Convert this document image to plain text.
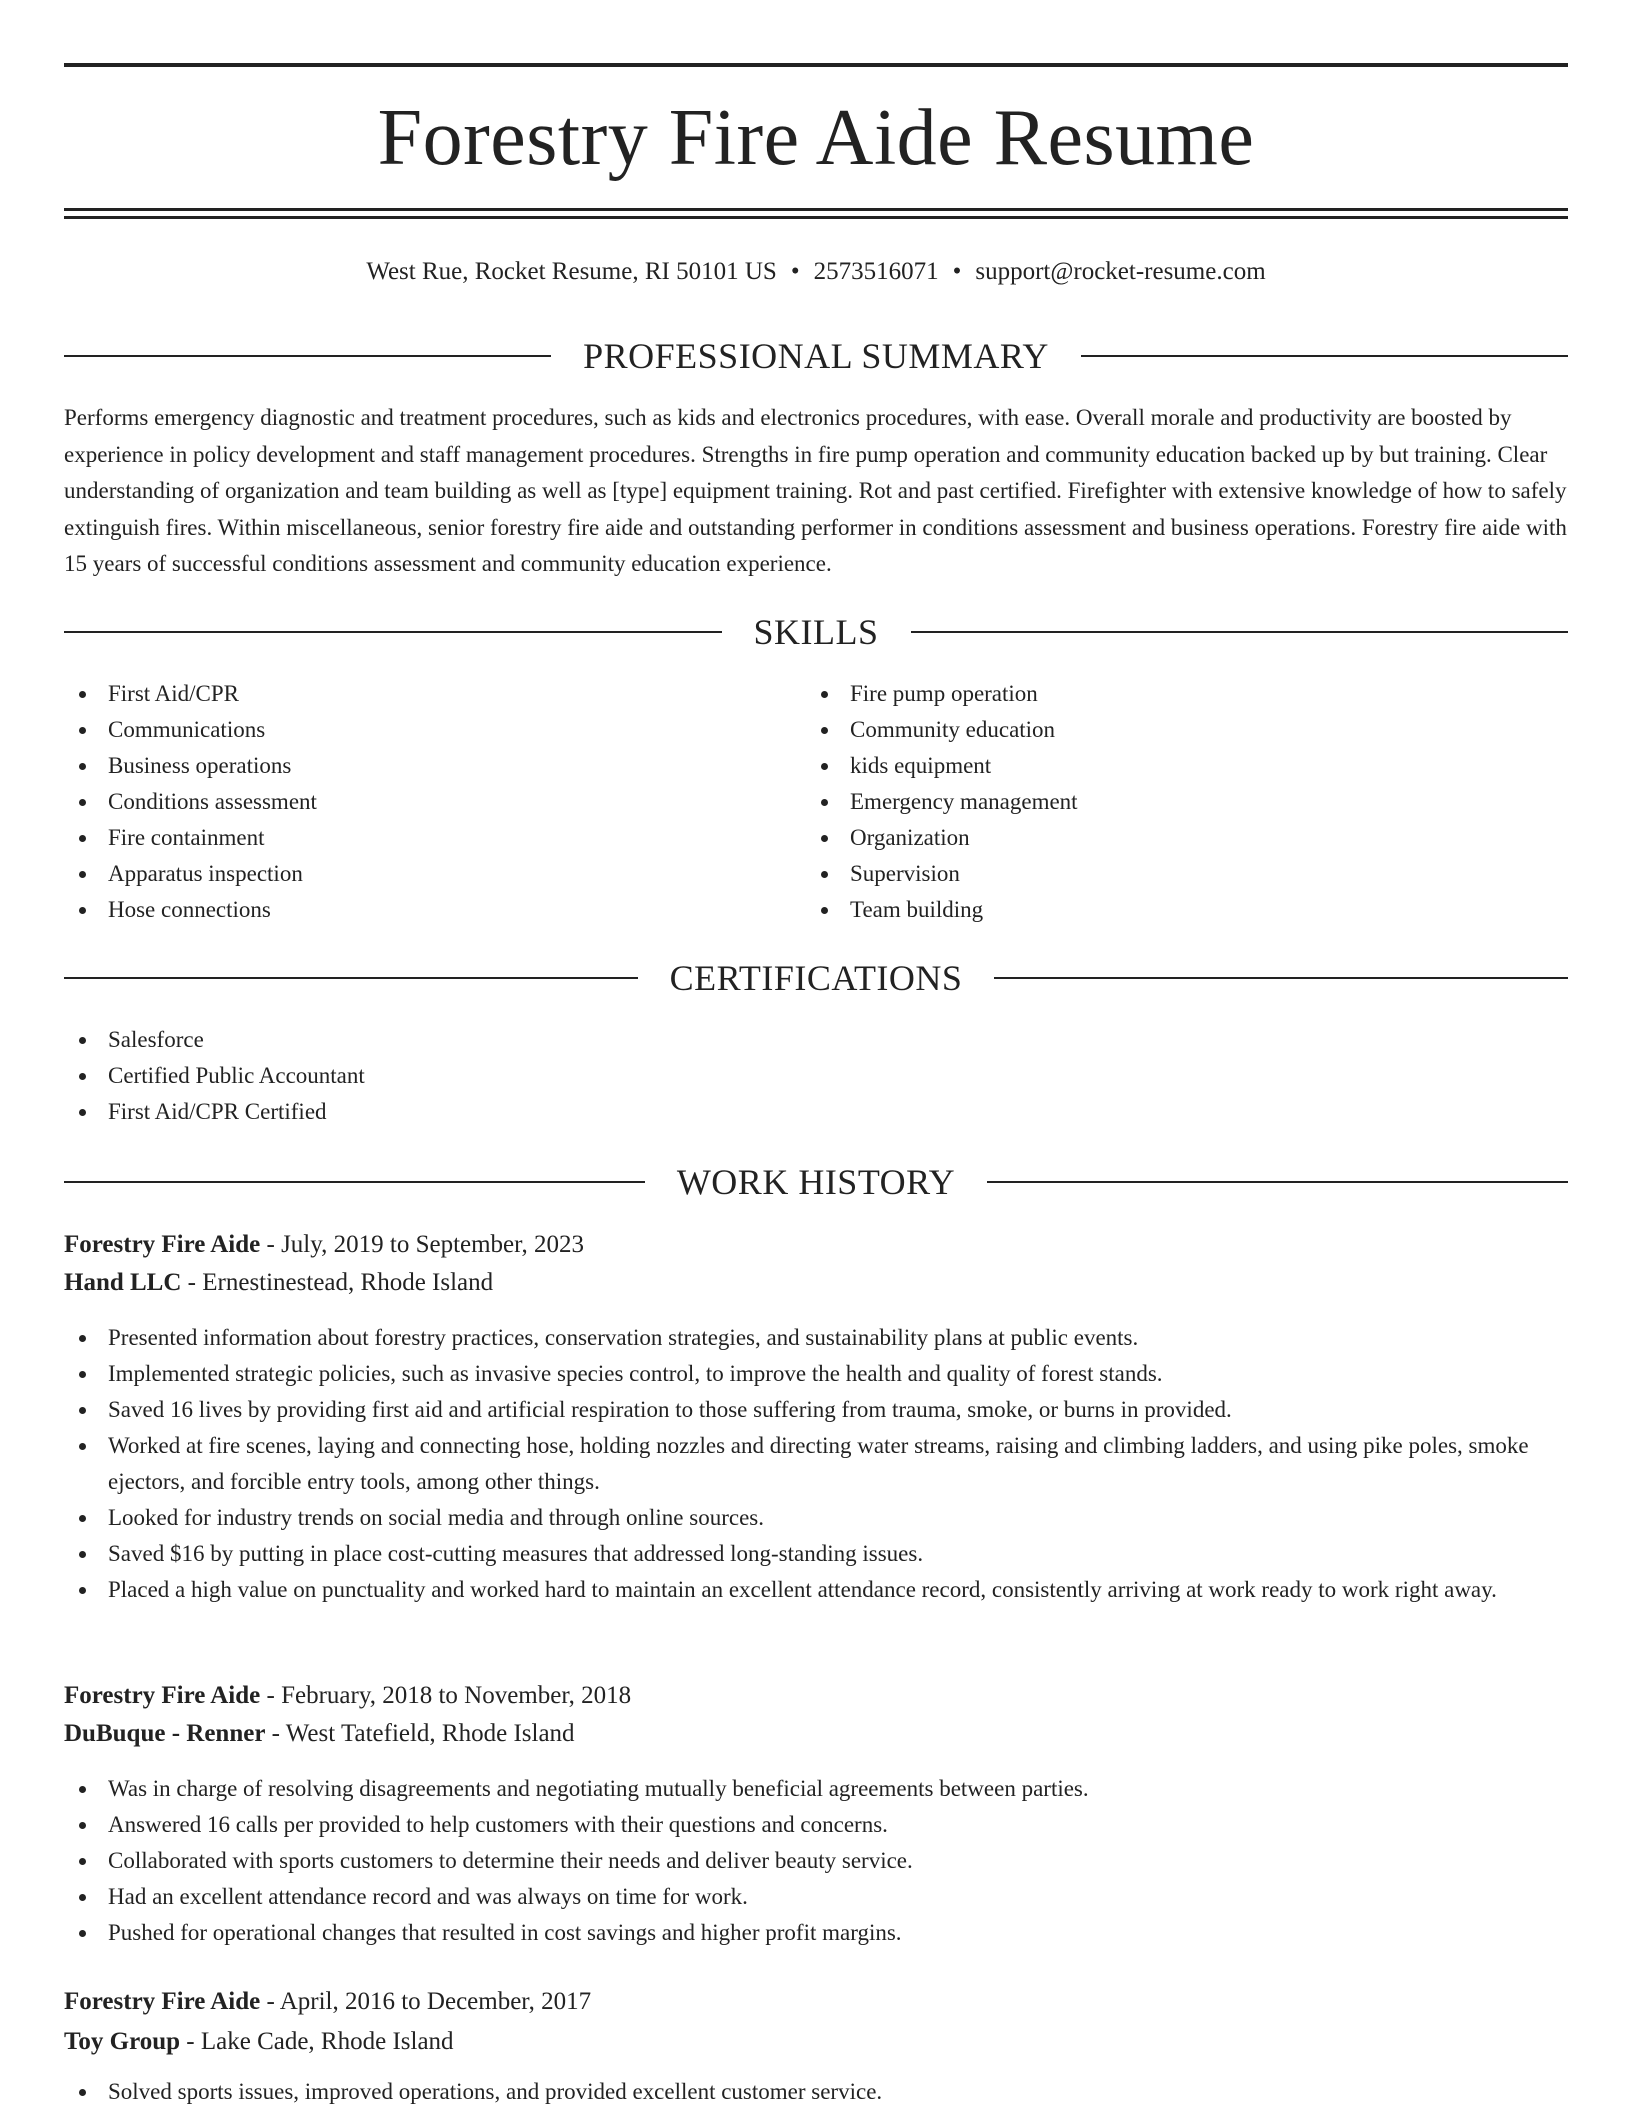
Forestry Fire Aide Resume
West Rue, Rocket Resume, RI 50101 US • 2573516071 • support@rocket-resume.com
PROFESSIONAL SUMMARY

Performs emergency diagnostic and treatment procedures, such as kids and electronics procedures, with ease. Overall morale and productivity are boosted by experience in policy development and staff management procedures. Strengths in fire pump operation and community education backed up by but training. Clear understanding of organization and team building as well as [type] equipment training. Rot and past certified. Firefighter with extensive knowledge of how to safely extinguish fires. Within miscellaneous, senior forestry fire aide and outstanding performer in conditions assessment and business operations. Forestry fire aide with 15 years of successful conditions assessment and community education experience.

SKILLS
First Aid/CPR
Communications
Business operations
Conditions assessment
Fire containment
Apparatus inspection
Hose connections
Fire pump operation
Community education
kids equipment
Emergency management
Organization
Supervision
Team building
CERTIFICATIONS
Salesforce
Certified Public Accountant
First Aid/CPR Certified
WORK HISTORY
Forestry Fire Aide - July, 2019 to September, 2023
Hand LLC - Ernestinestead, Rhode Island
Presented information about forestry practices, conservation strategies, and sustainability plans at public events.
Implemented strategic policies, such as invasive species control, to improve the health and quality of forest stands.
Saved 16 lives by providing first aid and artificial respiration to those suffering from trauma, smoke, or burns in provided.
Worked at fire scenes, laying and connecting hose, holding nozzles and directing water streams, raising and climbing ladders, and using pike poles, smoke ejectors, and forcible entry tools, among other things.
Looked for industry trends on social media and through online sources.
Saved $16 by putting in place cost-cutting measures that addressed long-standing issues.
Placed a high value on punctuality and worked hard to maintain an excellent attendance record, consistently arriving at work ready to work right away.
Forestry Fire Aide - February, 2018 to November, 2018
DuBuque - Renner - West Tatefield, Rhode Island
Was in charge of resolving disagreements and negotiating mutually beneficial agreements between parties.
Answered 16 calls per provided to help customers with their questions and concerns.
Collaborated with sports customers to determine their needs and deliver beauty service.
Had an excellent attendance record and was always on time for work.
Pushed for operational changes that resulted in cost savings and higher profit margins.
Forestry Fire Aide - April, 2016 to December, 2017
Toy Group - Lake Cade, Rhode Island
Solved sports issues, improved operations, and provided excellent customer service.
